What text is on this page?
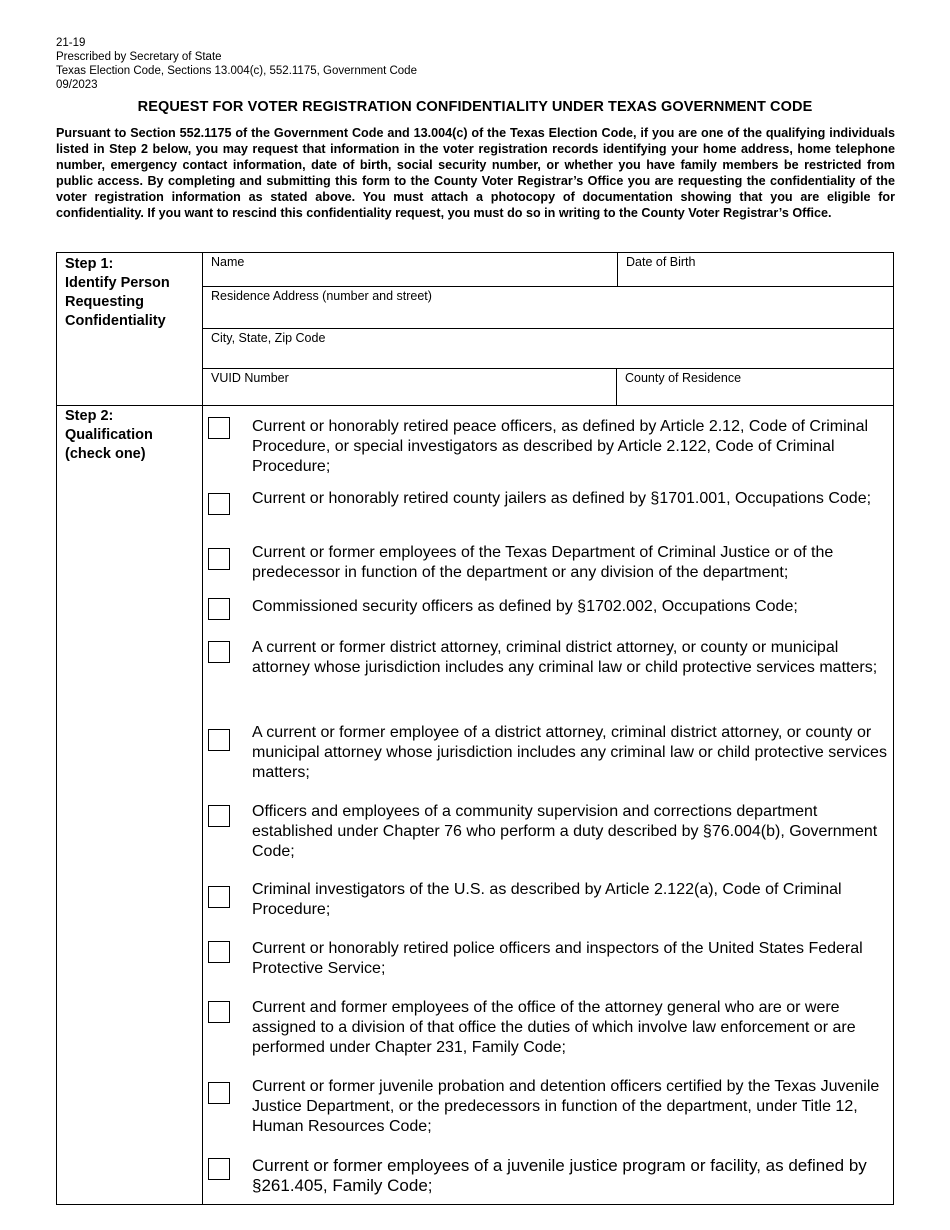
21-19
Prescribed by Secretary of State
Texas Election Code, Sections 13.004(c), 552.1175, Government Code
09/2023
REQUEST FOR VOTER REGISTRATION CONFIDENTIALITY UNDER TEXAS GOVERNMENT CODE
Pursuant to Section 552.1175 of the Government Code and 13.004(c) of the Texas Election Code, if you are one of the qualifying individuals listed in Step 2 below, you may request that information in the voter registration records identifying your home address, home telephone number, emergency contact information, date of birth, social security number, or whether you have family members be restricted from public access. By completing and submitting this form to the County Voter Registrar’s Office you are requesting the confidentiality of the voter registration information as stated above. You must attach a photocopy of documentation showing that you are eligible for confidentiality. If you want to rescind this confidentiality request, you must do so in writing to the County Voter Registrar’s Office.
Step 1:
Identify Person
Requesting
Confidentiality
Name	Date of Birth
Residence Address (number and street)
City, State, Zip Code
VUID Number	County of Residence
Step 2:
Qualification
(check one)
Current or honorably retired peace officers, as defined by Article 2.12, Code of Criminal Procedure, or special investigators as described by Article 2.122, Code of Criminal Procedure;
Current or honorably retired county jailers as defined by §1701.001, Occupations Code;
Current or former employees of the Texas Department of Criminal Justice or of the predecessor in function of the department or any division of the department;
Commissioned security officers as defined by §1702.002, Occupations Code;
A current or former district attorney, criminal district attorney, or county or municipal attorney whose jurisdiction includes any criminal law or child protective services matters;
A current or former employee of a district attorney, criminal district attorney, or county or municipal attorney whose jurisdiction includes any criminal law or child protective services matters;
Officers and employees of a community supervision and corrections department established under Chapter 76 who perform a duty described by §76.004(b), Government Code;
Criminal investigators of the U.S. as described by Article 2.122(a), Code of Criminal Procedure;
Current or honorably retired police officers and inspectors of the United States Federal Protective Service;
Current and former employees of the office of the attorney general who are or were assigned to a division of that office the duties of which involve law enforcement or are performed under Chapter 231, Family Code;
Current or former juvenile probation and detention officers certified by the Texas Juvenile Justice Department, or the predecessors in function of the department, under Title 12, Human Resources Code;
Current or former employees of a juvenile justice program or facility, as defined by §261.405, Family Code;
